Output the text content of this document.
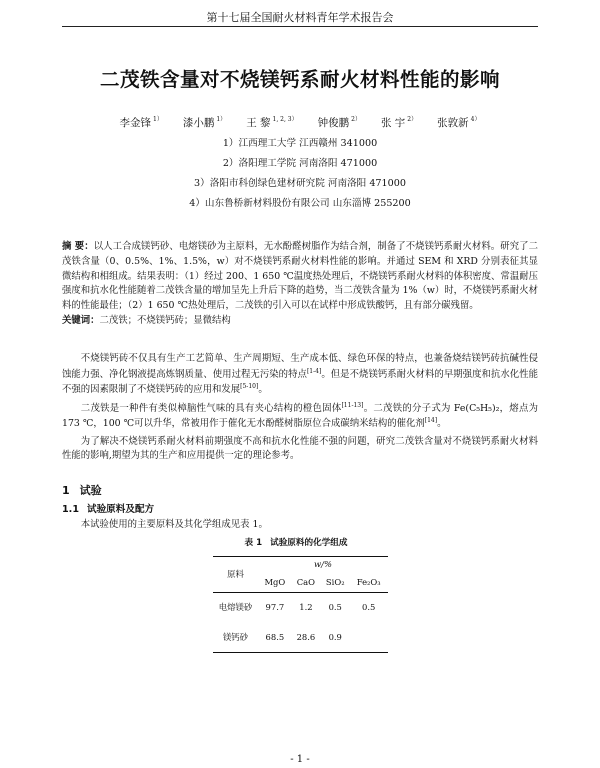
第十七届全国耐火材料青年学术报告会
二茂铁含量对不烧镁钙系耐火材料性能的影响
李金锋 $^{1)}$ 漆小鹏 $^{1)}$ 王 黎 $^{1, 2, 3)}$ 钟俊鹏 $^{2)}$ 张 宇 $^{2)}$ 张敦新 $^{4)}$
1）江西理工大学 江西赣州 341000
2）洛阳理工学院 河南洛阳 471000
3）洛阳市科创绿色建材研究院 河南洛阳 471000
4）山东鲁桥新材料股份有限公司 山东淄博 255200
摘 要：以人工合成镁钙砂、电熔镁砂为主原料，无水酚醛树脂作为结合剂，制备了不烧镁钙系耐火材料。研究了二茂铁含量（0、0.5%、1%、1.5%，w）对不烧镁钙系耐火材料性能的影响。并通过 SEM 和 XRD 分别表征其显微结构和相组成。结果表明：（1）经过 200、1 650 ℃温度热处理后，不烧镁钙系耐火材料的体积密度、常温耐压强度和抗水化性能随着二茂铁含量的增加呈先上升后下降的趋势，当二茂铁含量为 1%（w）时，不烧镁钙系耐火材料的性能最佳；（2）1 650 ℃热处理后，二茂铁的引入可以在试样中形成铁酸钙，且有部分碳残留。
关键词：二茂铁；不烧镁钙砖；显微结构

不烧镁钙砖不仅具有生产工艺简单、生产周期短、生产成本低、绿色环保的特点，也兼备烧结镁钙砖抗碱性侵蚀能力强、净化钢液提高炼钢质量、使用过程无污染的特点[1-4]。但是不烧镁钙系耐火材料的早期强度和抗水化性能不强的因素限制了不烧镁钙砖的应用和发展[5-10]。

二茂铁是一种件有类似樟脑性气味的具有夹心结构的橙色固体[11-13]。二茂铁的分子式为 Fe(C₅H₅)₂，熔点为 173 ℃，100 ℃可以升华，常被用作于催化无水酚醛树脂原位合成碳纳米结构的催化剂[14]。

为了解决不烧镁钙系耐火材料前期强度不高和抗水化性能不强的问题，研究二茂铁含量对不烧镁钙系耐火材料性能的影响,期望为其的生产和应用提供一定的理论参考。

1 试验
1.1 试验原料及配方

本试验使用的主要原料及其化学组成见表 1。

表 1 试验原料的化学组成
原料	w/%			
	MgO	CaO	SiO₂	Fe₂O₃
电熔镁砂	97.7	1.2	0.5	0.5
镁钙砂	68.5	28.6	0.9	
- 1 -
